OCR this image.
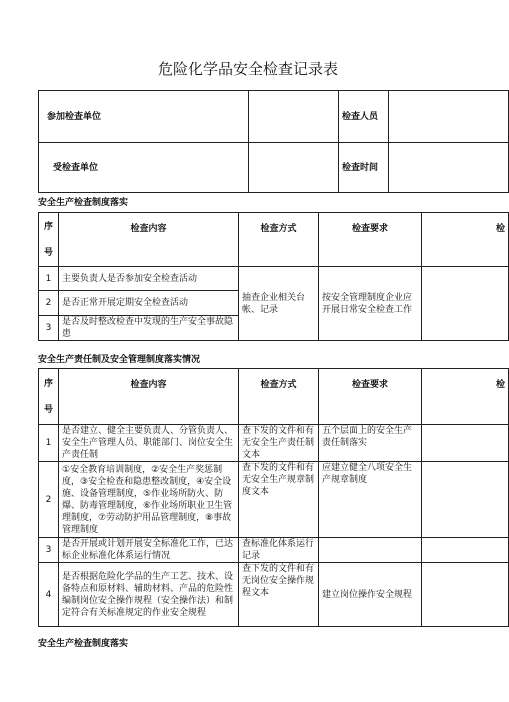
危险化学品安全检查记录表
参加检查单位		检查人员	
受检查单位		检查时间	
安全生产检查制度落实
序号	检查内容	检查方式	检查要求	检
1	主要负责人是否参加安全检查活动	抽查企业相关台帐、记录	按安全管理制度企业应开展日常安全检查工作	
2	是否正常开展定期安全检查活动			
3	是否及时整改检查中发现的生产安全事故隐患			
安全生产责任制及安全管理制度落实情况
序号	检查内容	检查方式	检查要求	检
1	是否建立、健全主要负责人、分管负责人、安全生产管理人员、职能部门、岗位安全生产责任制	查下发的文件和有无安全生产责任制文本	五个层面上的安全生产责任制落实	
2	①安全教育培训制度，②安全生产奖惩制度，③安全检查和隐患整改制度，④安全设施、设备管理制度，⑤作业场所防火、防爆、防毒管理制度，⑥作业场所职业卫生管理制度，⑦劳动防护用品管理制度，⑧事故管理制度	查下发的文件和有无安全生产规章制度文本	应建立健全八项安全生产规章制度	
3	是否开展或计划开展安全标准化工作，已达标企业标准化体系运行情况	查标准化体系运行记录		
4	是否根据危险化学品的生产工艺、技术、设备特点和原材料、辅助材料、产品的危险性编制岗位安全操作规程（安全操作法）和制定符合有关标准规定的作业安全规程	查下发的文件和有无岗位安全操作规程文本	建立岗位操作安全规程	
安全生产检查制度落实
